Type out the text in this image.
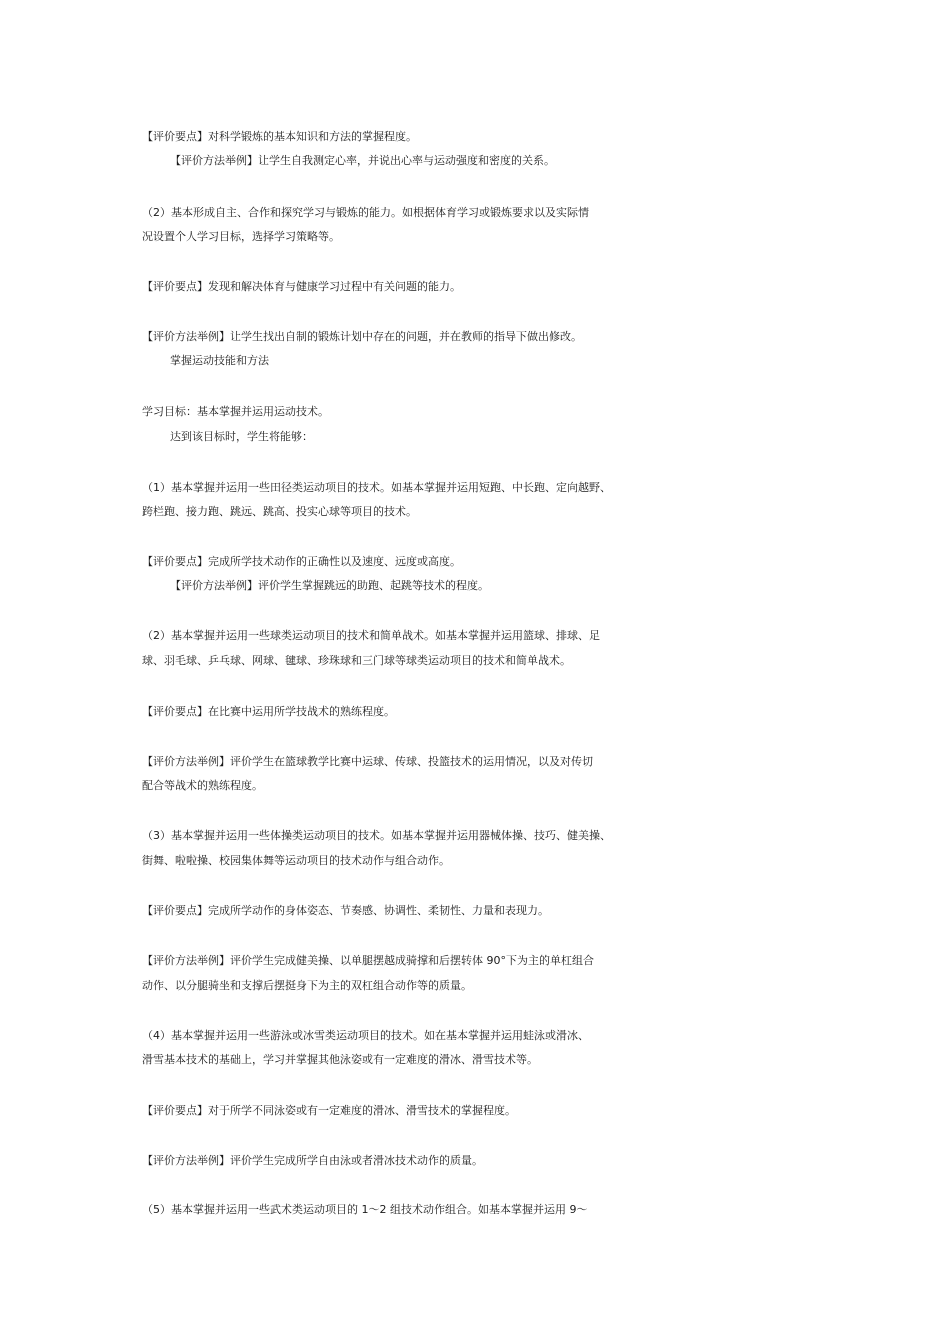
【评价要点】对科学锻炼的基本知识和方法的掌握程度。
【评价方法举例】让学生自我测定心率，并说出心率与运动强度和密度的关系。
（2）基本形成自主、合作和探究学习与锻炼的能力。如根据体育学习或锻炼要求以及实际情
况设置个人学习目标，选择学习策略等。
【评价要点】发现和解决体育与健康学习过程中有关问题的能力。
【评价方法举例】让学生找出自制的锻炼计划中存在的问题，并在教师的指导下做出修改。
掌握运动技能和方法
学习目标：基本掌握并运用运动技术。
达到该目标时，学生将能够：
（1）基本掌握并运用一些田径类运动项目的技术。如基本掌握并运用短跑、中长跑、定向越野、
跨栏跑、接力跑、跳远、跳高、投实心球等项目的技术。
【评价要点】完成所学技术动作的正确性以及速度、远度或高度。
【评价方法举例】评价学生掌握跳远的助跑、起跳等技术的程度。
（2）基本掌握并运用一些球类运动项目的技术和简单战术。如基本掌握并运用篮球、排球、足
球、羽毛球、乒乓球、网球、毽球、珍珠球和三门球等球类运动项目的技术和简单战术。
【评价要点】在比赛中运用所学技战术的熟练程度。
【评价方法举例】评价学生在篮球教学比赛中运球、传球、投篮技术的运用情况，以及对传切
配合等战术的熟练程度。
（3）基本掌握并运用一些体操类运动项目的技术。如基本掌握并运用器械体操、技巧、健美操、
街舞、啦啦操、校园集体舞等运动项目的技术动作与组合动作。
【评价要点】完成所学动作的身体姿态、节奏感、协调性、柔韧性、力量和表现力。
【评价方法举例】评价学生完成健美操、以单腿摆越成骑撑和后摆转体 90°下为主的单杠组合
动作、以分腿骑坐和支撑后摆挺身下为主的双杠组合动作等的质量。
（4）基本掌握并运用一些游泳或冰雪类运动项目的技术。如在基本掌握并运用蛙泳或滑冰、
滑雪基本技术的基础上，学习并掌握其他泳姿或有一定难度的滑冰、滑雪技术等。
【评价要点】对于所学不同泳姿或有一定难度的滑冰、滑雪技术的掌握程度。
【评价方法举例】评价学生完成所学自由泳或者滑冰技术动作的质量。
（5）基本掌握并运用一些武术类运动项目的 1～2 组技术动作组合。如基本掌握并运用 9～
